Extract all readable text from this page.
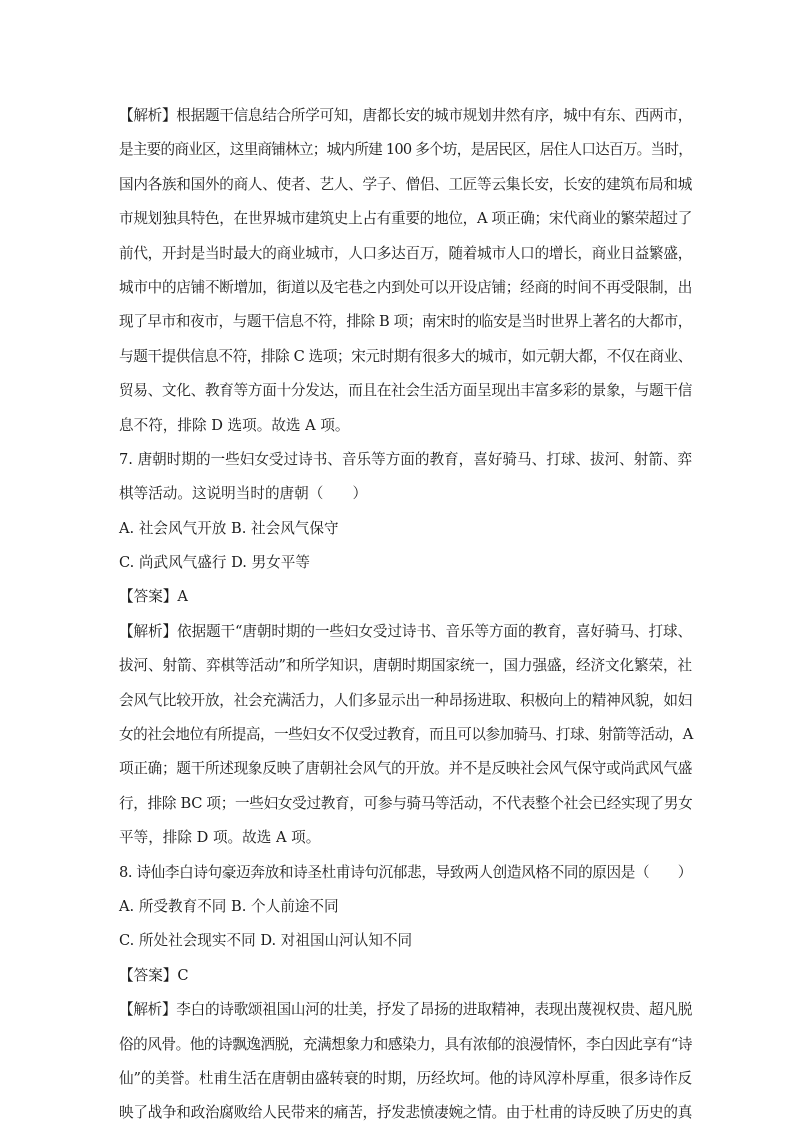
【解析】根据题干信息结合所学可知，唐都长安的城市规划井然有序，城中有东、西两市，
是主要的商业区，这里商铺林立；城内所建 100 多个坊，是居民区，居住人口达百万。当时，
国内各族和国外的商人、使者、艺人、学子、僧侣、工匠等云集长安，长安的建筑布局和城
市规划独具特色，在世界城市建筑史上占有重要的地位，A 项正确；宋代商业的繁荣超过了
前代，开封是当时最大的商业城市，人口多达百万，随着城市人口的增长，商业日益繁盛，
城市中的店铺不断增加，街道以及宅巷之内到处可以开设店铺；经商的时间不再受限制，出
现了早市和夜市，与题干信息不符，排除 B 项；南宋时的临安是当时世界上著名的大都市，
与题干提供信息不符，排除 C 选项；宋元时期有很多大的城市，如元朝大都，不仅在商业、
贸易、文化、教育等方面十分发达，而且在社会生活方面呈现出丰富多彩的景象，与题干信
息不符，排除 D 选项。故选 A 项。
7. 唐朝时期的一些妇女受过诗书、音乐等方面的教育，喜好骑马、打球、拔河、射箭、弈
棋等活动。这说明当时的唐朝（　　）
A. 社会风气开放 B. 社会风气保守
C. 尚武风气盛行 D. 男女平等
【答案】A
【解析】依据题干“唐朝时期的一些妇女受过诗书、音乐等方面的教育，喜好骑马、打球、
拔河、射箭、弈棋等活动”和所学知识，唐朝时期国家统一，国力强盛，经济文化繁荣，社
会风气比较开放，社会充满活力，人们多显示出一种昂扬进取、积极向上的精神风貌，如妇
女的社会地位有所提高，一些妇女不仅受过教育，而且可以参加骑马、打球、射箭等活动，A
项正确；题干所述现象反映了唐朝社会风气的开放。并不是反映社会风气保守或尚武风气盛
行，排除 BC 项；一些妇女受过教育，可参与骑马等活动，不代表整个社会已经实现了男女
平等，排除 D 项。故选 A 项。
8. 诗仙李白诗句豪迈奔放和诗圣杜甫诗句沉郁悲，导致两人创造风格不同的原因是（　　）
A. 所受教育不同 B. 个人前途不同
C. 所处社会现实不同 D. 对祖国山河认知不同
【答案】C
【解析】李白的诗歌颂祖国山河的壮美，抒发了昂扬的进取精神，表现出蔑视权贵、超凡脱
俗的风骨。他的诗飘逸洒脱，充满想象力和感染力，具有浓郁的浪漫情怀，李白因此享有“诗
仙”的美誉。杜甫生活在唐朝由盛转衰的时期，历经坎坷。他的诗风淳朴厚重，很多诗作反
映了战争和政治腐败给人民带来的痛苦，抒发悲愤凄婉之情。由于杜甫的诗反映了历史的真
